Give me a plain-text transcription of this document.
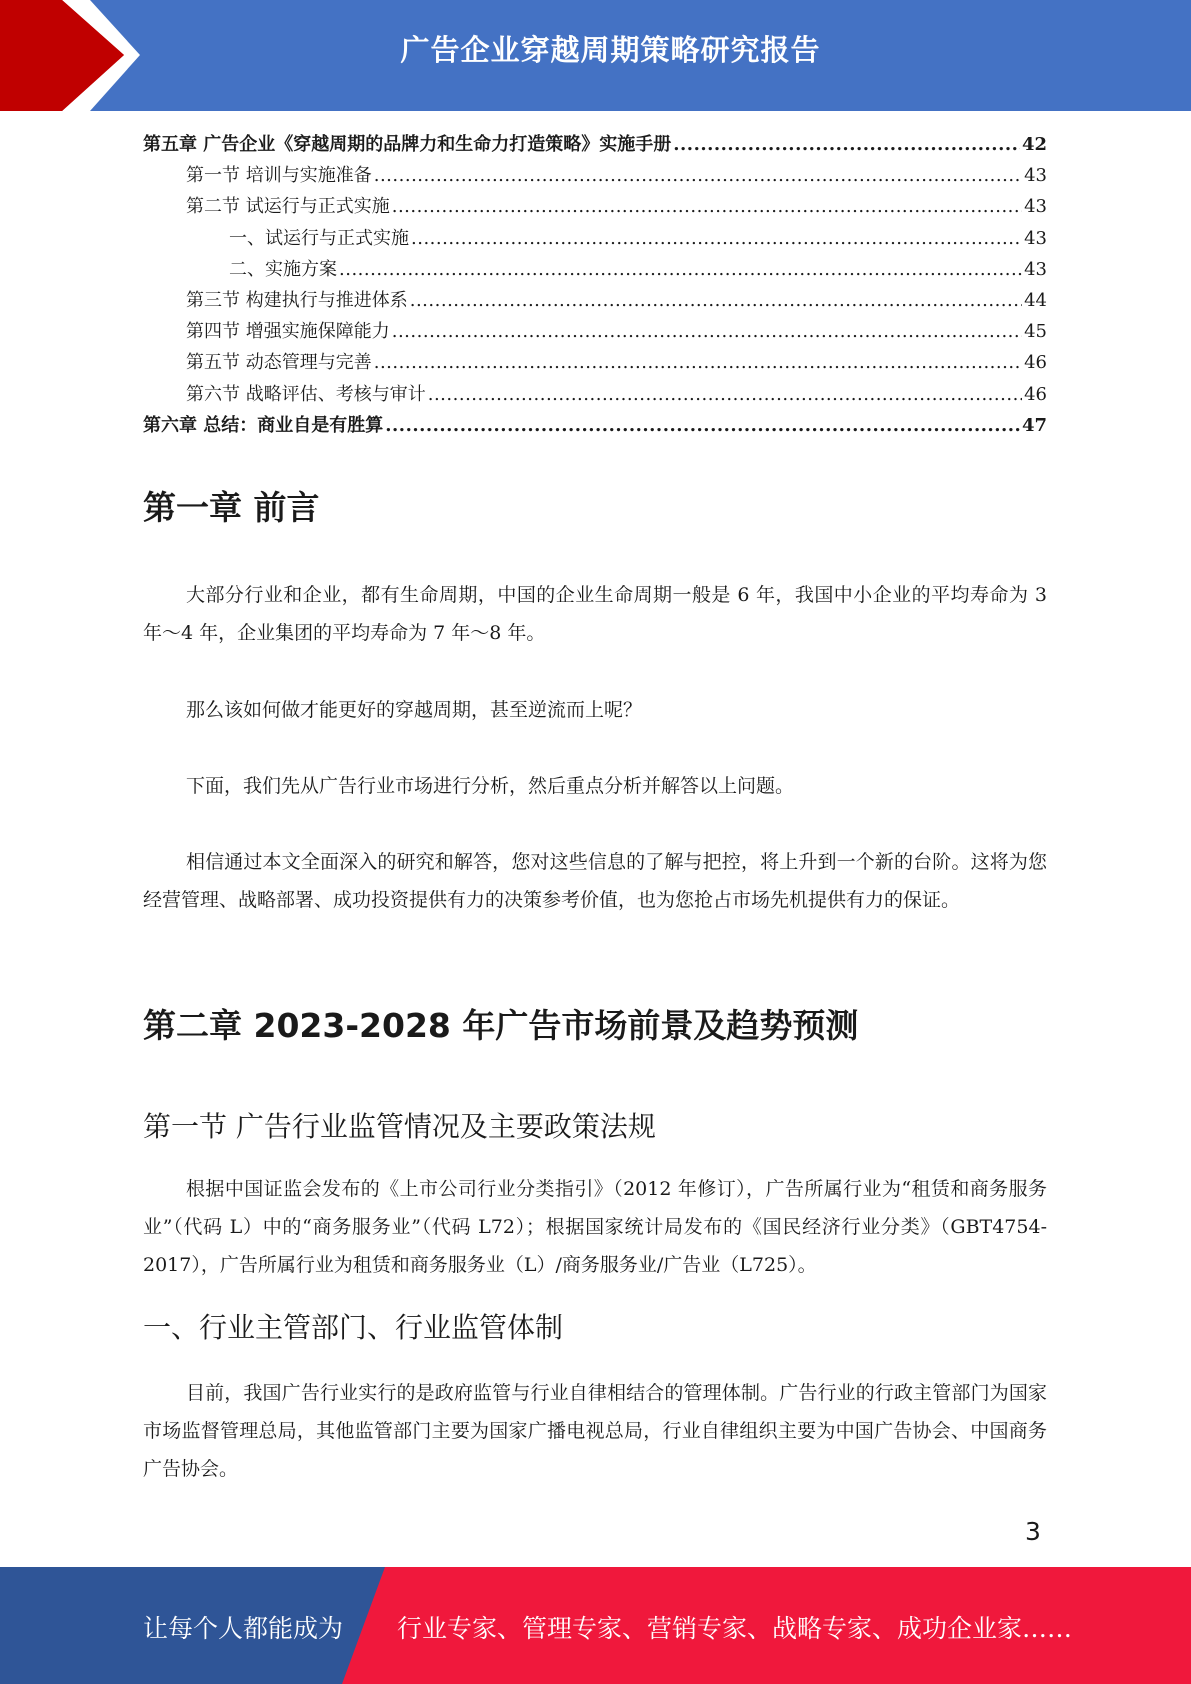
广告企业穿越周期策略研究报告
第五章 广告企业《穿越周期的品牌力和生命力打造策略》实施手册 .....	42
第一节 培训与实施准备 .....	43
第二节 试运行与正式实施 .....	43
一、试运行与正式实施 .....	43
二、实施方案 .....	43
第三节 构建执行与推进体系 .....	44
第四节 增强实施保障能力 .....	45
第五节 动态管理与完善 .....	46
第六节 战略评估、考核与审计 .....	46
第六章 总结：商业自是有胜算 .....	47
第一章 前言
大部分行业和企业，都有生命周期，中国的企业生命周期一般是 6 年，我国中小企业的平均寿命为 3 年～4 年，企业集团的平均寿命为 7 年～8 年。
那么该如何做才能更好的穿越周期，甚至逆流而上呢？
下面，我们先从广告行业市场进行分析，然后重点分析并解答以上问题。
相信通过本文全面深入的研究和解答，您对这些信息的了解与把控，将上升到一个新的台阶。这将为您经营管理、战略部署、成功投资提供有力的决策参考价值，也为您抢占市场先机提供有力的保证。
第二章 2023-2028 年广告市场前景及趋势预测
第一节 广告行业监管情况及主要政策法规
根据中国证监会发布的《上市公司行业分类指引》（2012 年修订），广告所属行业为“租赁和商务服务业”（代码 L）中的“商务服务业”（代码 L72）；根据国家统计局发布的《国民经济行业分类》（GBT4754-2017），广告所属行业为租赁和商务服务业（L）/商务服务业/广告业（L725）。
一、行业主管部门、行业监管体制
目前，我国广告行业实行的是政府监管与行业自律相结合的管理体制。广告行业的行政主管部门为国家市场监督管理总局，其他监管部门主要为国家广播电视总局，行业自律组织主要为中国广告协会、中国商务广告协会。
3
让每个人都能成为 行业专家、管理专家、营销专家、战略专家、成功企业家……
